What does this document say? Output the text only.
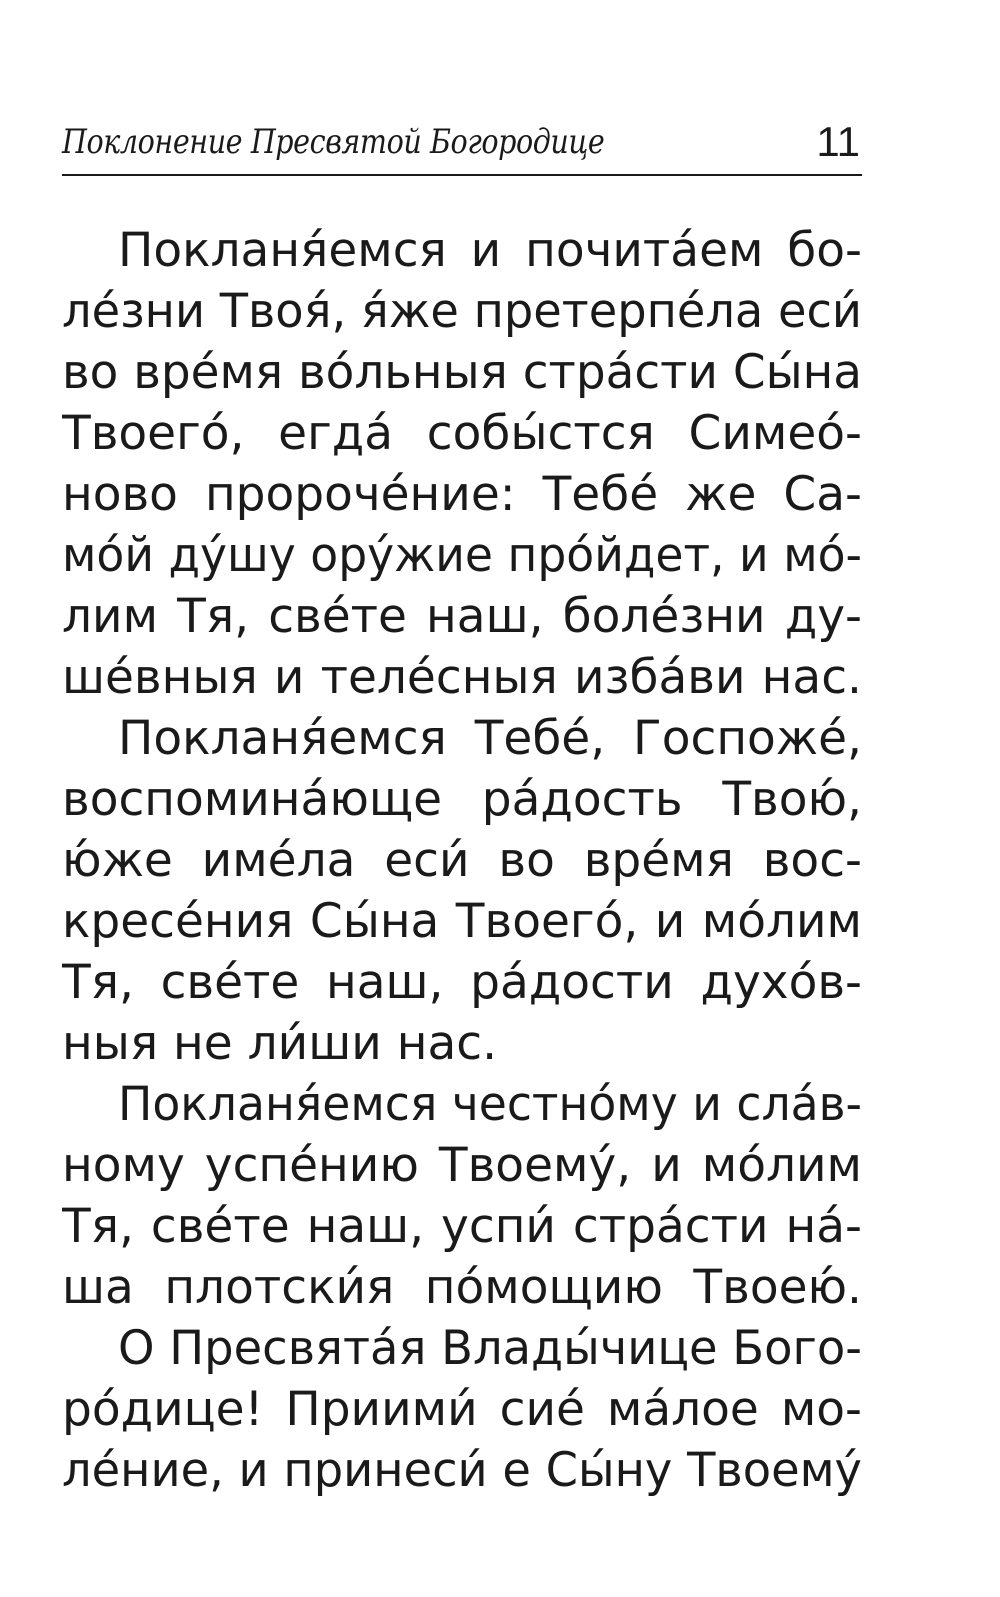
Поклонение Пресвятой Богородице	11

Покланя́емся и почита́ем бо-
ле́зни Твоя́, я́же претерпе́ла еси́
во вре́мя во́льныя стра́сти Сы́на
Твоего́, егда́ собы́стся Симео́-
ново пророче́ние: Тебе́ же Са-
мо́й ду́шу ору́жие про́йдет, и мо́-
лим Тя, све́те наш, боле́зни ду-
ше́вныя и теле́сныя изба́ви нас.

Покланя́емся Тебе́, Госпоже́,
воспомина́юще ра́дость Твою́,
ю́же име́ла еси́ во вре́мя вос-
кресе́ния Сы́на Твоего́, и мо́лим
Тя, све́те наш, ра́дости духо́в-
ныя не ли́ши нас.

Покланя́емся честно́му и сла́в-
ному успе́нию Твоему́, и мо́лим
Тя, све́те наш, успи́ стра́сти на́-
ша плотски́я по́мощию Твоею́.

О Пресвята́я Влады́чице Бого-
ро́дице! Приими́ сие́ ма́лое мо-
ле́ние, и принеси́ е Сы́ну Твоему́
